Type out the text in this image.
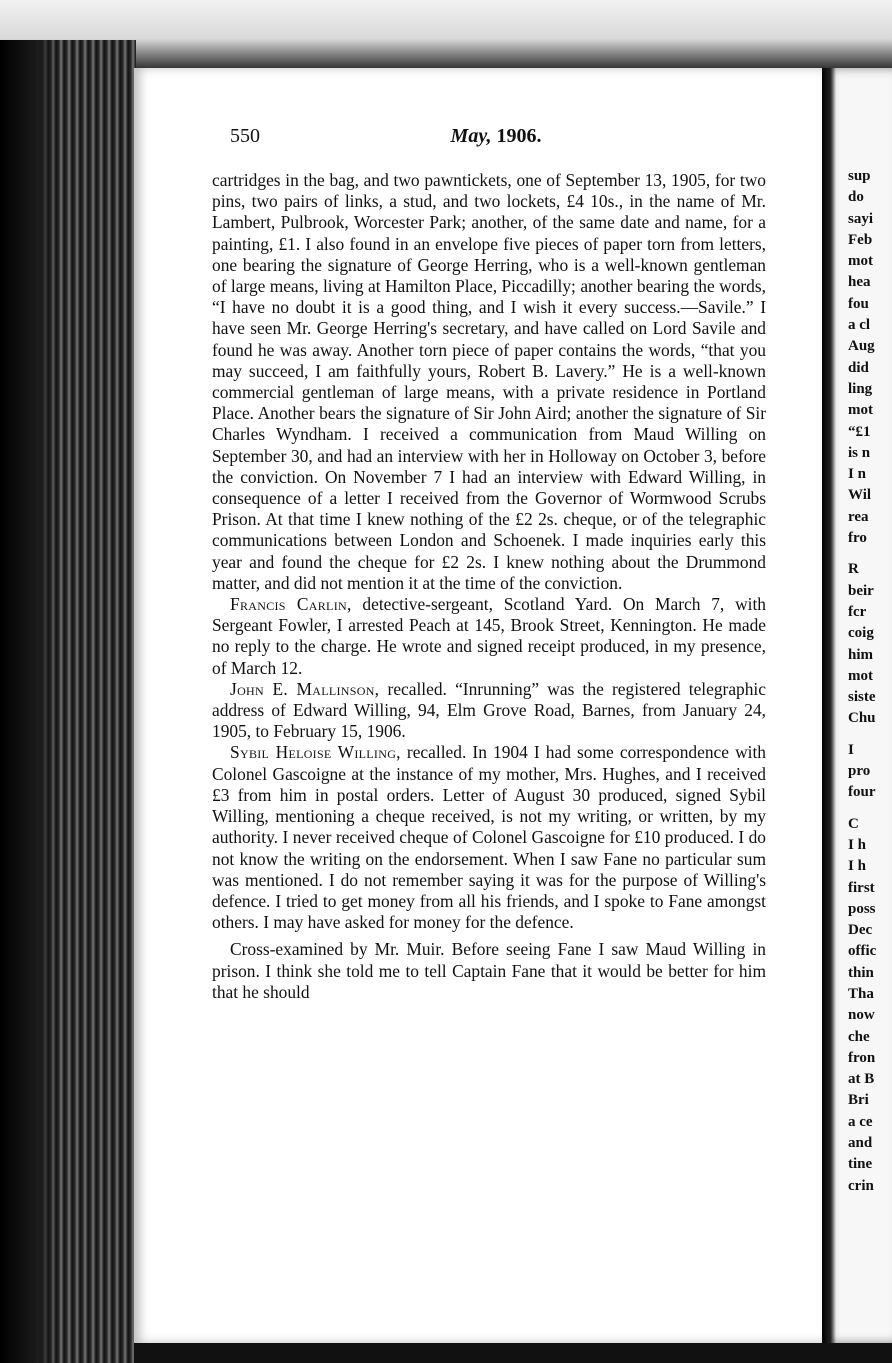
550	May, 1906.

cartridges in the bag, and two pawntickets, one of September 13, 1905, for two pins, two pairs of links, a stud, and two lockets, £4 10s., in the name of Mr. Lambert, Pulbrook, Worcester Park; another, of the same date and name, for a painting, £1. I also found in an envelope five pieces of paper torn from letters, one bearing the signature of George Herring, who is a well-known gentleman of large means, living at Hamilton Place, Piccadilly; another bearing the words, “I have no doubt it is a good thing, and I wish it every success.—Savile.” I have seen Mr. George Herring's secretary, and have called on Lord Savile and found he was away. Another torn piece of paper contains the words, “that you may succeed, I am faithfully yours, Robert B. Lavery.” He is a well-known commercial gentleman of large means, with a private residence in Portland Place. Another bears the signature of Sir John Aird; another the signature of Sir Charles Wyndham. I received a communication from Maud Willing on September 30, and had an interview with her in Holloway on October 3, before the conviction. On November 7 I had an interview with Edward Willing, in consequence of a letter I received from the Governor of Wormwood Scrubs Prison. At that time I knew nothing of the £2 2s. cheque, or of the telegraphic communications between London and Schoenek. I made inquiries early this year and found the cheque for £2 2s. I knew nothing about the Drummond matter, and did not mention it at the time of the conviction.

Francis Carlin, detective-sergeant, Scotland Yard. On March 7, with Sergeant Fowler, I arrested Peach at 145, Brook Street, Kennington. He made no reply to the charge. He wrote and signed receipt produced, in my presence, of March 12.

John E. Mallinson, recalled. “Inrunning” was the registered telegraphic address of Edward Willing, 94, Elm Grove Road, Barnes, from January 24, 1905, to February 15, 1906.

Sybil Heloise Willing, recalled. In 1904 I had some correspondence with Colonel Gascoigne at the instance of my mother, Mrs. Hughes, and I received £3 from him in postal orders. Letter of August 30 produced, signed Sybil Willing, mentioning a cheque received, is not my writing, or written, by my authority. I never received cheque of Colonel Gascoigne for £10 produced. I do not know the writing on the endorsement. When I saw Fane no particular sum was mentioned. I do not remember saying it was for the purpose of Willing's defence. I tried to get money from all his friends, and I spoke to Fane amongst others. I may have asked for money for the defence.

Cross-examined by Mr. Muir. Before seeing Fane I saw Maud Willing in prison. I think she told me to tell Captain Fane that it would be better for him that he should

sup
do
sayi
Feb
mot
hea
fou
a cl
Aug
did
ling
mot
“£1
is n
I n
Wil
rea
fro
R
beir
fcr
coig
him
mot
siste
Chu
I
pro
four
C
I h
I h
first
poss
Dec
offic
thin
Tha
now
che
fron
at B
Bri
a ce
and
tine
crin
